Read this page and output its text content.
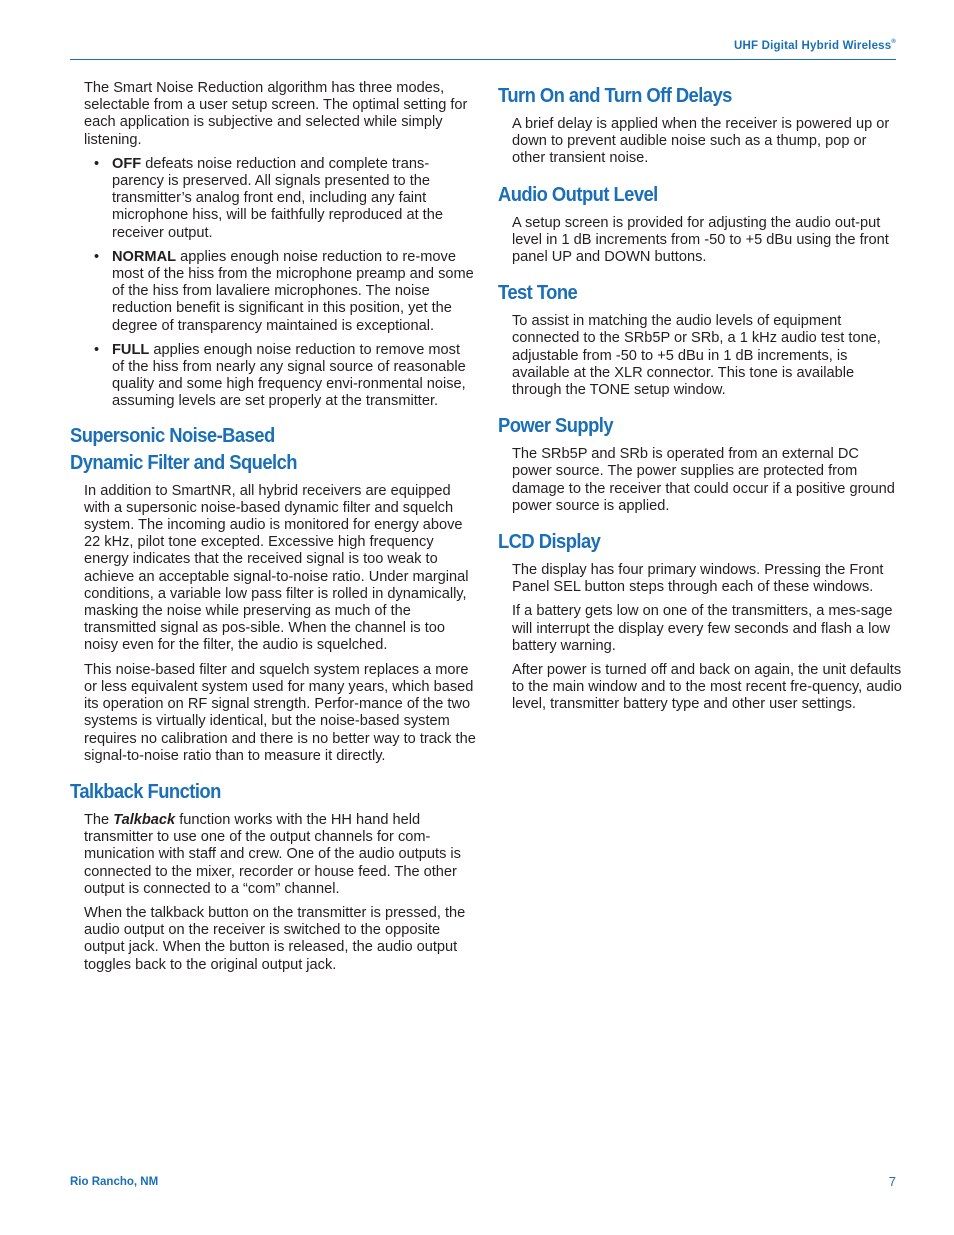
UHF Digital Hybrid Wireless®

The Smart Noise Reduction algorithm has three modes, selectable from a user setup screen. The optimal setting for each application is subjective and selected while simply listening.

• OFF defeats noise reduction and complete trans-parency is preserved. All signals presented to the transmitter’s analog front end, including any faint microphone hiss, will be faithfully reproduced at the receiver output.
• NORMAL applies enough noise reduction to re-move most of the hiss from the microphone preamp and some of the hiss from lavaliere microphones. The noise reduction benefit is significant in this position, yet the degree of transparency maintained is exceptional.
• FULL applies enough noise reduction to remove most of the hiss from nearly any signal source of reasonable quality and some high frequency envi-ronmental noise, assuming levels are set properly at the transmitter.
Supersonic Noise-Based
Dynamic Filter and Squelch

In addition to SmartNR, all hybrid receivers are equipped with a supersonic noise-based dynamic filter and squelch system. The incoming audio is monitored for energy above 22 kHz, pilot tone excepted. Excessive high frequency energy indicates that the received signal is too weak to achieve an acceptable signal-to-noise ratio. Under marginal conditions, a variable low pass filter is rolled in dynamically, masking the noise while preserving as much of the transmitted signal as pos-sible. When the channel is too noisy even for the filter, the audio is squelched.

This noise-based filter and squelch system replaces a more or less equivalent system used for many years, which based its operation on RF signal strength. Perfor-mance of the two systems is virtually identical, but the noise-based system requires no calibration and there is no better way to track the signal-to-noise ratio than to measure it directly.

Talkback Function

The Talkback function works with the HH hand held transmitter to use one of the output channels for com-munication with staff and crew. One of the audio outputs is connected to the mixer, recorder or house feed. The other output is connected to a “com” channel.

When the talkback button on the transmitter is pressed, the audio output on the receiver is switched to the opposite output jack. When the button is released, the audio output toggles back to the original output jack.

Turn On and Turn Off Delays

A brief delay is applied when the receiver is powered up or down to prevent audible noise such as a thump, pop or other transient noise.

Audio Output Level

A setup screen is provided for adjusting the audio out-put level in 1 dB increments from -50 to +5 dBu using the front panel UP and DOWN buttons.

Test Tone

To assist in matching the audio levels of equipment connected to the SRb5P or SRb, a 1 kHz audio test tone, adjustable from -50 to +5 dBu in 1 dB increments, is available at the XLR connector. This tone is available through the TONE setup window.

Power Supply

The SRb5P and SRb is operated from an external DC power source. The power supplies are protected from damage to the receiver that could occur if a positive ground power source is applied.

LCD Display

The display has four primary windows. Pressing the Front Panel SEL button steps through each of these windows.

If a battery gets low on one of the transmitters, a mes-sage will interrupt the display every few seconds and flash a low battery warning.

After power is turned off and back on again, the unit defaults to the main window and to the most recent fre-quency, audio level, transmitter battery type and other user settings.

Rio Rancho, NM	7
